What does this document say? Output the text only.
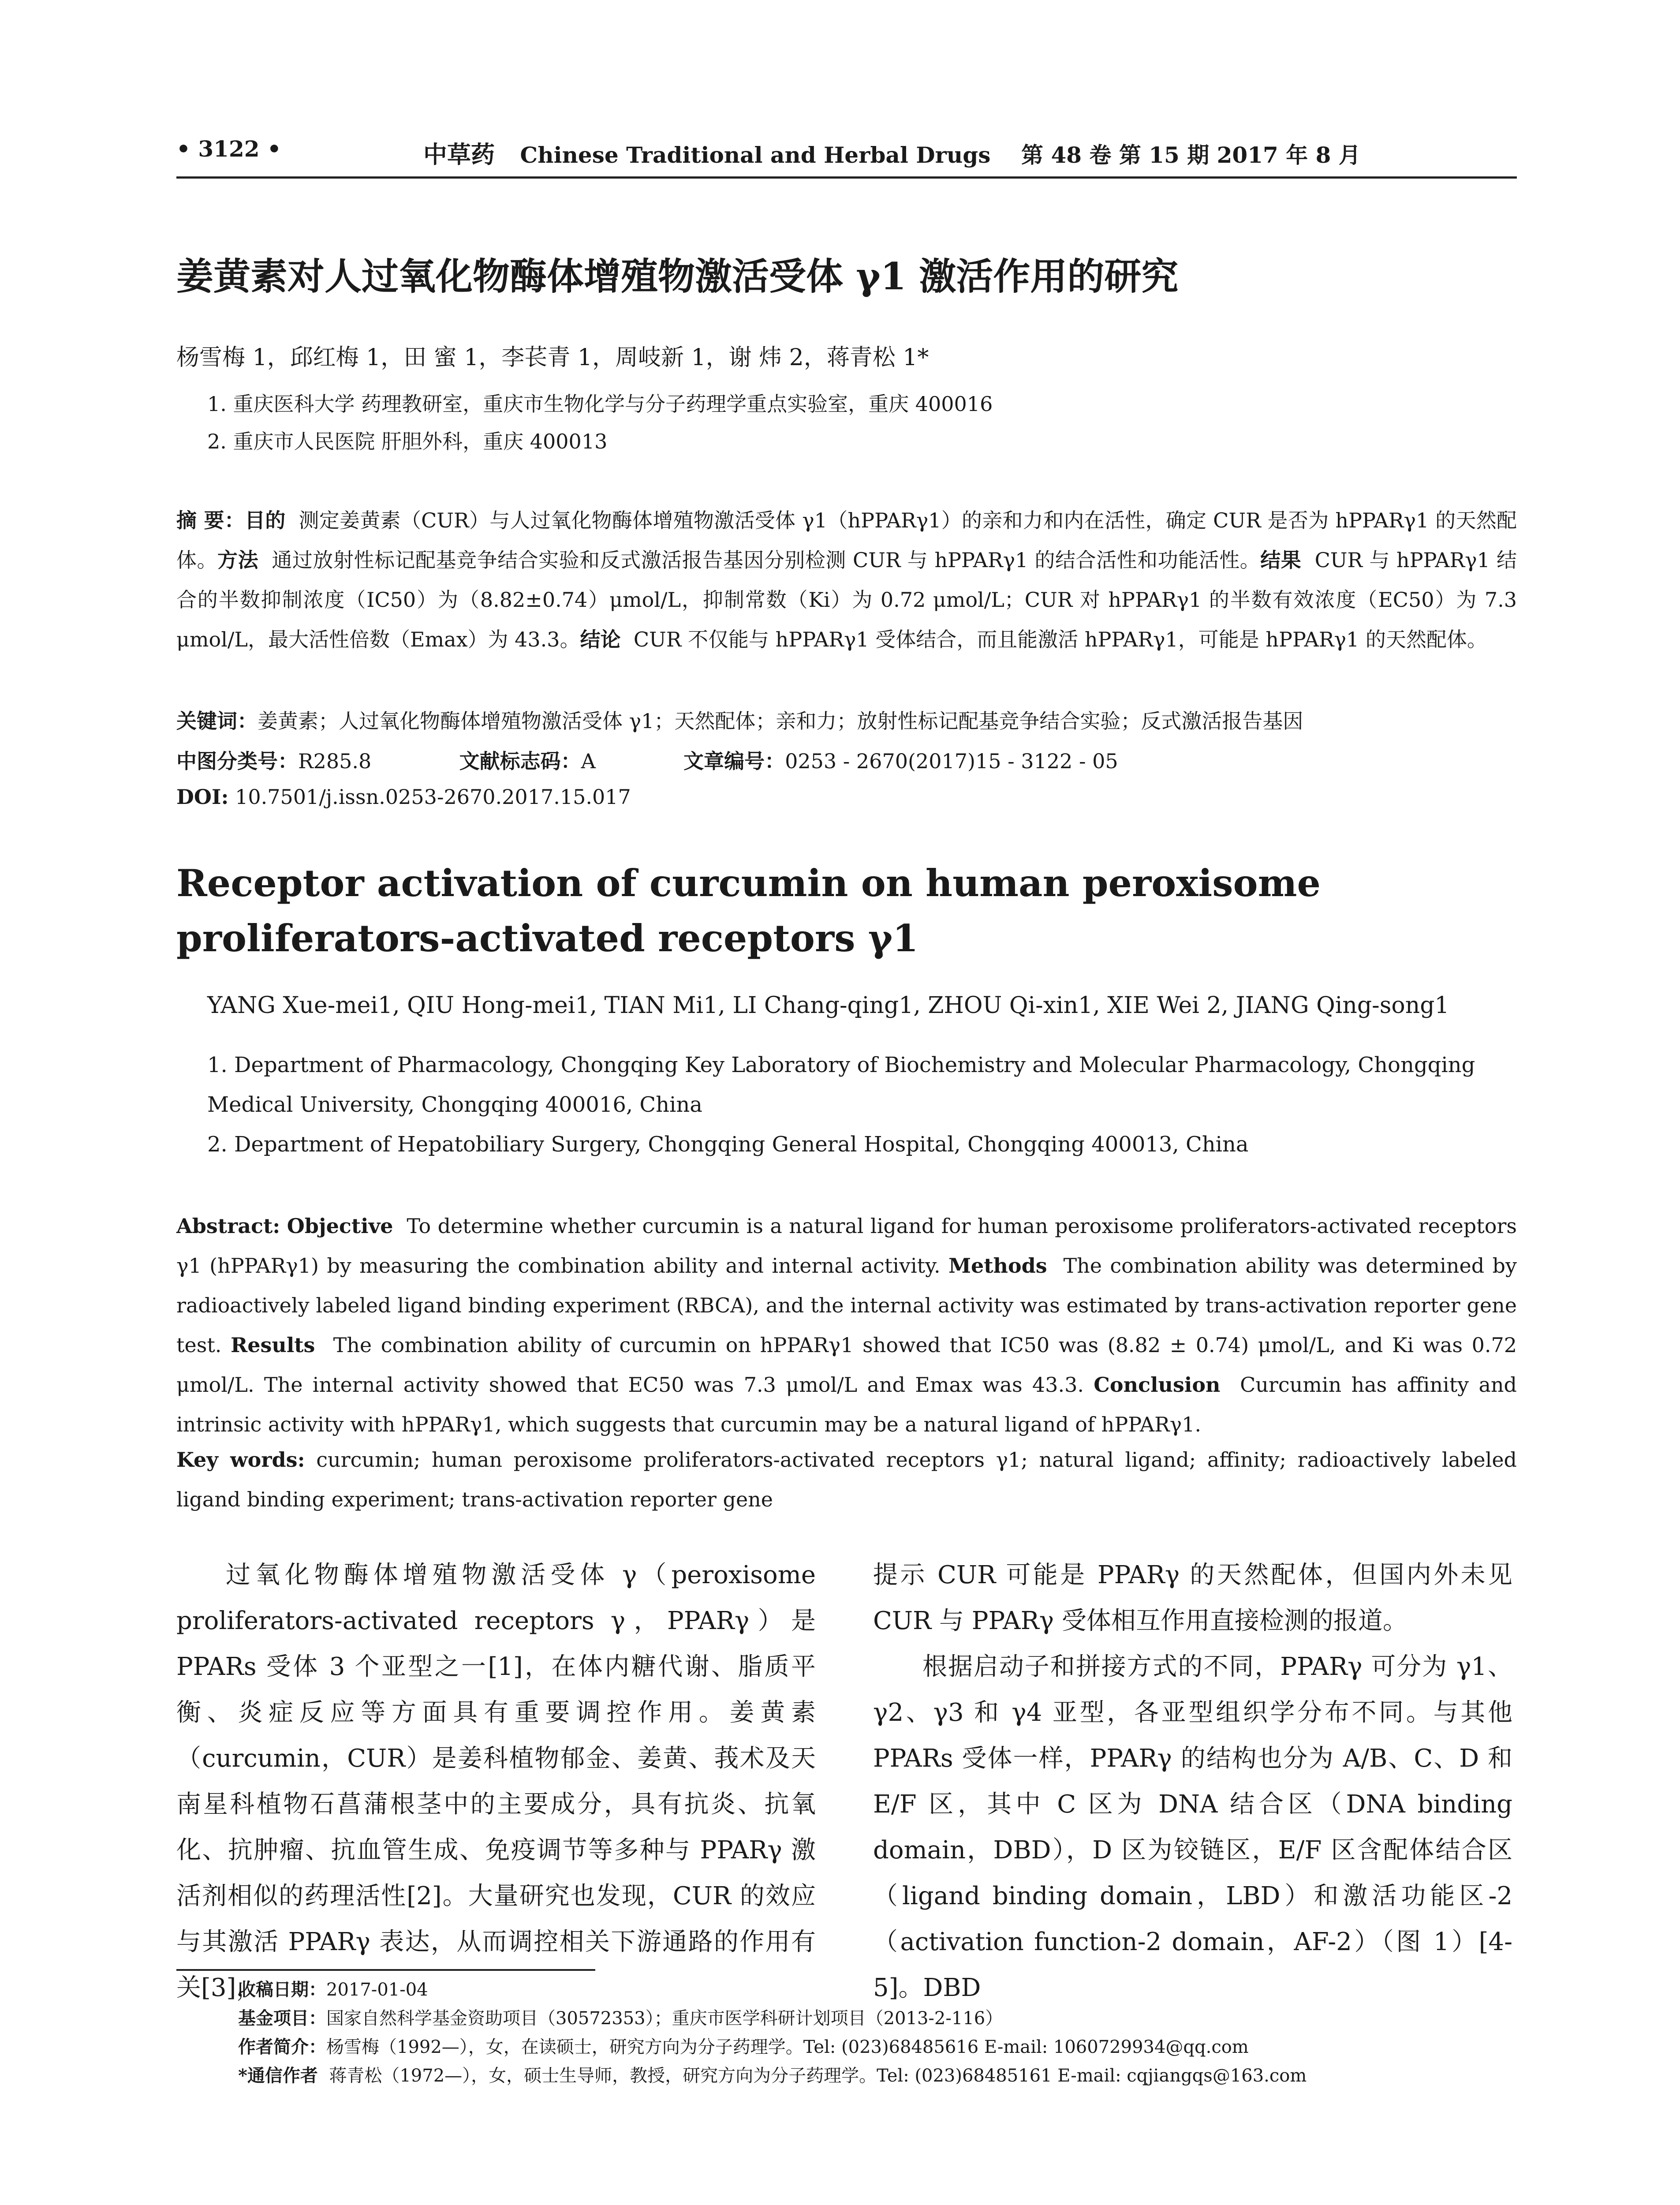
• 3122 •	中草药 Chinese Traditional and Herbal Drugs 第 48 卷 第 15 期 2017 年 8 月
姜黄素对人过氧化物酶体增殖物激活受体 γ1 激活作用的研究
杨雪梅 1，邱红梅 1，田 蜜 1，李苌青 1，周岐新 1，谢 炜 2，蒋青松 1*
1. 重庆医科大学 药理教研室，重庆市生物化学与分子药理学重点实验室，重庆 400016
2. 重庆市人民医院 肝胆外科，重庆 400013
摘 要：目的 测定姜黄素（CUR）与人过氧化物酶体增殖物激活受体 γ1（hPPARγ1）的亲和力和内在活性，确定 CUR 是否为 hPPARγ1 的天然配体。方法 通过放射性标记配基竞争结合实验和反式激活报告基因分别检测 CUR 与 hPPARγ1 的结合活性和功能活性。结果 CUR 与 hPPARγ1 结合的半数抑制浓度（IC50）为（8.82±0.74）μmol/L，抑制常数（Ki）为 0.72 μmol/L；CUR 对 hPPARγ1 的半数有效浓度（EC50）为 7.3 μmol/L，最大活性倍数（Emax）为 43.3。结论 CUR 不仅能与 hPPARγ1 受体结合，而且能激活 hPPARγ1，可能是 hPPARγ1 的天然配体。
关键词：姜黄素；人过氧化物酶体增殖物激活受体 γ1；天然配体；亲和力；放射性标记配基竞争结合实验；反式激活报告基因
中图分类号：R285.8	文献标志码：A	文章编号：0253 - 2670(2017)15 - 3122 - 05
DOI: 10.7501/j.issn.0253-2670.2017.15.017
Receptor activation of curcumin on human peroxisome proliferators-activated receptors γ1
YANG Xue-mei1, QIU Hong-mei1, TIAN Mi1, LI Chang-qing1, ZHOU Qi-xin1, XIE Wei 2, JIANG Qing-song1
1. Department of Pharmacology, Chongqing Key Laboratory of Biochemistry and Molecular Pharmacology, Chongqing Medical University, Chongqing 400016, China
2. Department of Hepatobiliary Surgery, Chongqing General Hospital, Chongqing 400013, China
Abstract: Objective To determine whether curcumin is a natural ligand for human peroxisome proliferators-activated receptors γ1 (hPPARγ1) by measuring the combination ability and internal activity. Methods The combination ability was determined by radioactively labeled ligand binding experiment (RBCA), and the internal activity was estimated by trans-activation reporter gene test. Results The combination ability of curcumin on hPPARγ1 showed that IC50 was (8.82 ± 0.74) μmol/L, and Ki was 0.72 μmol/L. The internal activity showed that EC50 was 7.3 μmol/L and Emax was 43.3. Conclusion Curcumin has affinity and intrinsic activity with hPPARγ1, which suggests that curcumin may be a natural ligand of hPPARγ1.
Key words: curcumin; human peroxisome proliferators-activated receptors γ1; natural ligand; affinity; radioactively labeled ligand binding experiment; trans-activation reporter gene

过氧化物酶体增殖物激活受体 γ（peroxisome proliferators-activated receptors γ，PPARγ）是 PPARs 受体 3 个亚型之一[1]，在体内糖代谢、脂质平衡、炎症反应等方面具有重要调控作用。姜黄素（curcumin，CUR）是姜科植物郁金、姜黄、莪术及天南星科植物石菖蒲根茎中的主要成分，具有抗炎、抗氧化、抗肿瘤、抗血管生成、免疫调节等多种与 PPARγ 激活剂相似的药理活性[2]。大量研究也发现，CUR 的效应与其激活 PPARγ 表达，从而调控相关下游通路的作用有关[3]，

提示 CUR 可能是 PPARγ 的天然配体，但国内外未见 CUR 与 PPARγ 受体相互作用直接检测的报道。

根据启动子和拼接方式的不同，PPARγ 可分为 γ1、γ2、γ3 和 γ4 亚型，各亚型组织学分布不同。与其他 PPARs 受体一样，PPARγ 的结构也分为 A/B、C、D 和 E/F 区，其中 C 区为 DNA 结合区（DNA binding domain，DBD），D 区为铰链区，E/F 区含配体结合区（ligand binding domain，LBD）和激活功能区-2（activation function-2 domain，AF-2）（图 1）[4-5]。DBD

收稿日期：2017-01-04
基金项目：国家自然科学基金资助项目（30572353）；重庆市医学科研计划项目（2013-2-116）
作者简介：杨雪梅（1992—），女，在读硕士，研究方向为分子药理学。Tel: (023)68485616 E-mail: 1060729934@qq.com
*通信作者 蒋青松（1972—），女，硕士生导师，教授，研究方向为分子药理学。Tel: (023)68485161 E-mail: cqjiangqs@163.com
